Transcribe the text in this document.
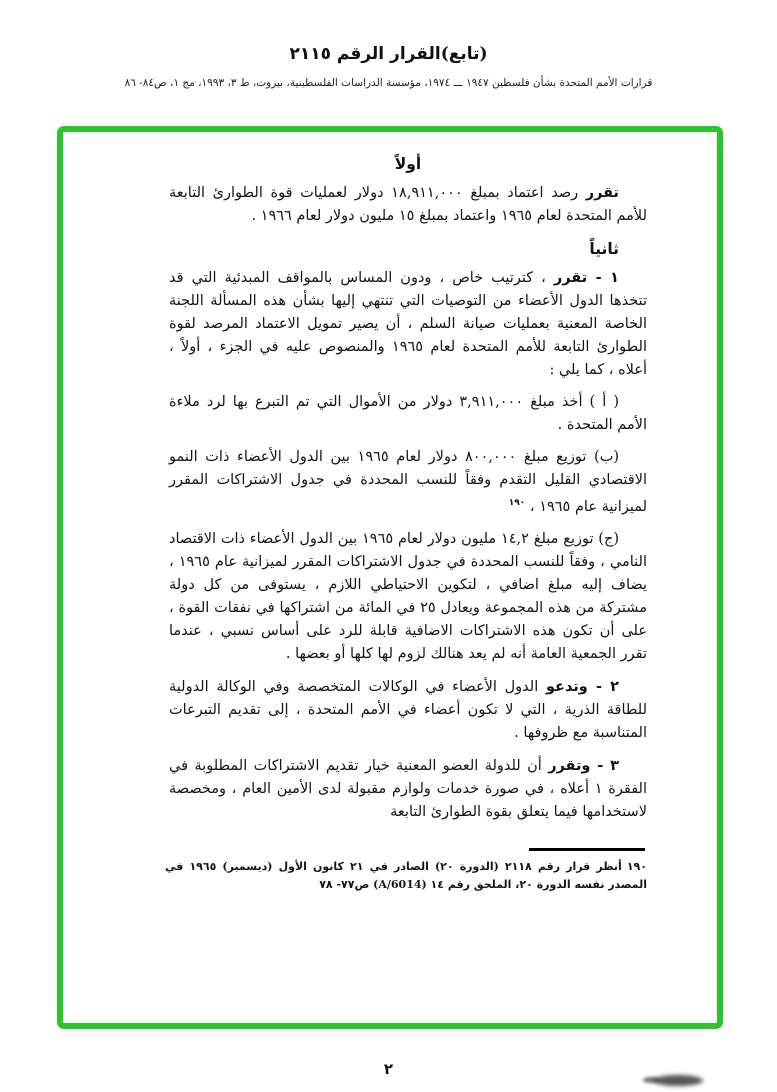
(تابع)القرار الرقم ٢١١٥
قرارات الأمم المتحدة بشأن فلسطين ١٩٤٧ ـــ ١٩٧٤، مؤسسة الدراسات الفلسطينية، بيروت، ط ٣، ١٩٩٣، مج ١، ص٨٤- ٨٦
أولاً

تقرر رصد اعتماد بمبلغ ١٨,٩١١,٠٠٠ دولار لعمليات قوة الطوارئ التابعة للأمم المتحدة لعام ١٩٦٥ واعتماد بمبلغ ١٥ مليون دولار لعام ١٩٦٦ .

ثانياً

١ - تقرر ، كترتيب خاص ، ودون المساس بالمواقف المبدئية التي قد تتخذها الدول الأعضاء من التوصيات التي تنتهي إليها بشأن هذه المسألة اللجنة الخاصة المعنية بعمليات صيانة السلم ، أن يصير تمويل الاعتماد المرصد لقوة الطوارئ التابعة للأمم المتحدة لعام ١٩٦٥ والمنصوص عليه في الجزء ، أولاً ، أعلاه ، كما يلي :

( أ ) أخذ مبلغ ٣,٩١١,٠٠٠ دولار من الأموال التي تم التبرع بها لرد ملاءة الأمم المتحدة .

(ب) توزيع مبلغ ٨٠٠,٠٠٠ دولار لعام ١٩٦٥ بين الدول الأعضاء ذات النمو الاقتصادي القليل التقدم وفقاً للنسب المحددة في جدول الاشتراكات المقرر لميزانية عام ١٩٦٥ ، $^{١٩٠}$

(ج) توزيع مبلغ ١٤,٢ مليون دولار لعام ١٩٦٥ بين الدول الأعضاء ذات الاقتصاد النامي ، وفقاً للنسب المحددة في جدول الاشتراكات المقرر لميزانية عام ١٩٦٥ ، يضاف إليه مبلغ اضافي ، لتكوين الاحتياطي اللازم ، يستوفى من كل دولة مشتركة من هذه المجموعة ويعادل ٢٥ في المائة من اشتراكها في نفقات القوة ، على أن تكون هذه الاشتراكات الاضافية قابلة للرد على أساس نسبي ، عندما تقرر الجمعية العامة أنه لم يعد هنالك لزوم لها كلها أو بعضها .

٢ - وتدعو الدول الأعضاء في الوكالات المتخصصة وفي الوكالة الدولية للطاقة الذرية ، التي لا تكون أعضاء في الأمم المتحدة ، إلى تقديم التبرعات المتناسبة مع ظروفها .

٣ - وتقرر أن للدولة العضو المعنية خيار تقديم الاشتراكات المطلوبة في الفقرة ١ أعلاه ، في صورة خدمات ولوازم مقبولة لدى الأمين العام ، ومخصصة لاستخدامها فيما يتعلق بقوة الطوارئ التابعة

١٩٠أنظر قرار رقم ٢١١٨ (الدورة ٢٠) الصادر في ٢١ كانون الأول (ديسمبر) ١٩٦٥ في المصدر نفسه الدورة ٢٠، الملحق رقم ١٤ (A/6014) ص٧٧- ٧٨
٢
